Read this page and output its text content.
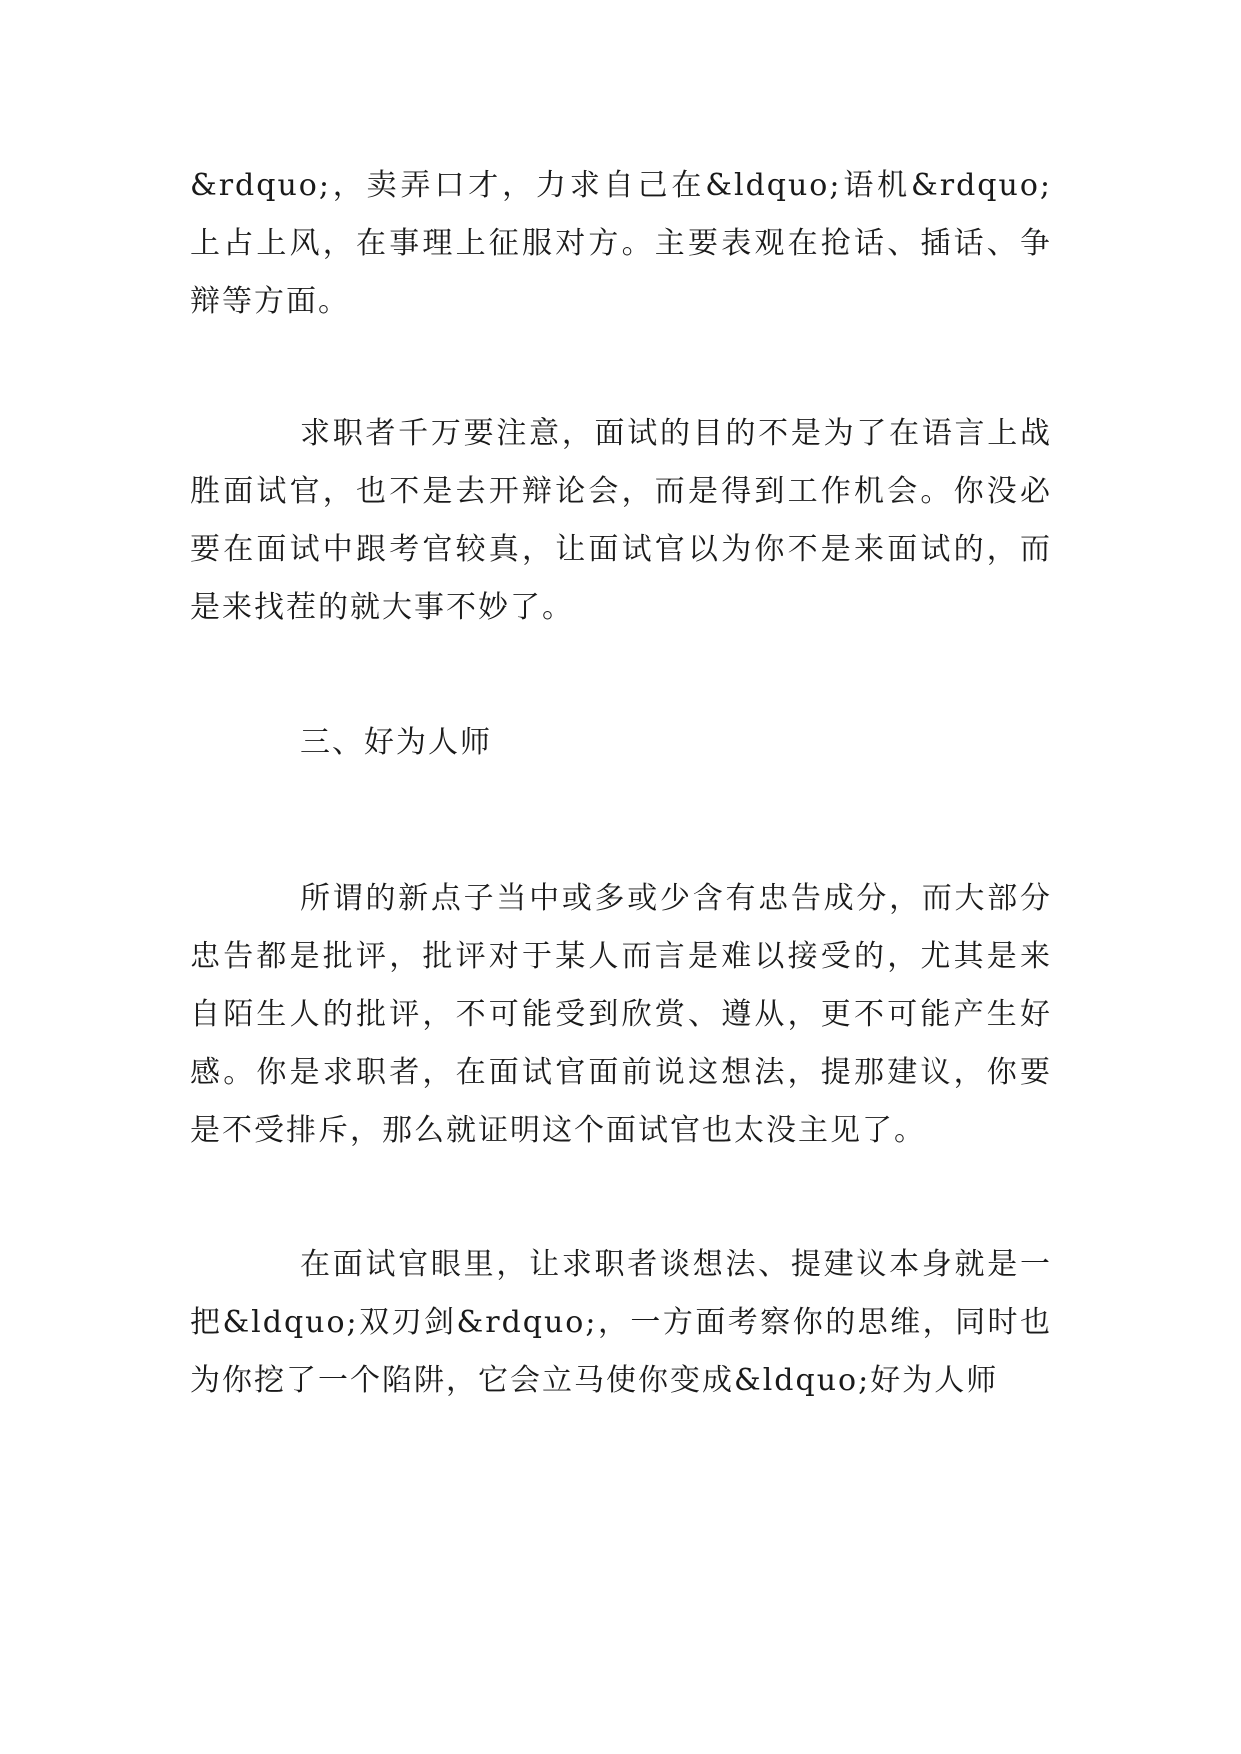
&rdquo;，卖弄口才，力求自己在&ldquo;语机&rdquo;上占上风，在事理上征服对方。主要表观在抢话、插话、争辩等方面。

求职者千万要注意，面试的目的不是为了在语言上战胜面试官，也不是去开辩论会，而是得到工作机会。你没必要在面试中跟考官较真，让面试官以为你不是来面试的，而是来找茬的就大事不妙了。

三、好为人师

所谓的新点子当中或多或少含有忠告成分，而大部分忠告都是批评，批评对于某人而言是难以接受的，尤其是来自陌生人的批评，不可能受到欣赏、遵从，更不可能产生好感。你是求职者，在面试官面前说这想法，提那建议，你要是不受排斥，那么就证明这个面试官也太没主见了。

在面试官眼里，让求职者谈想法、提建议本身就是一把&ldquo;双刃剑&rdquo;，一方面考察你的思维，同时也为你挖了一个陷阱，它会立马使你变成&ldquo;好为人师
